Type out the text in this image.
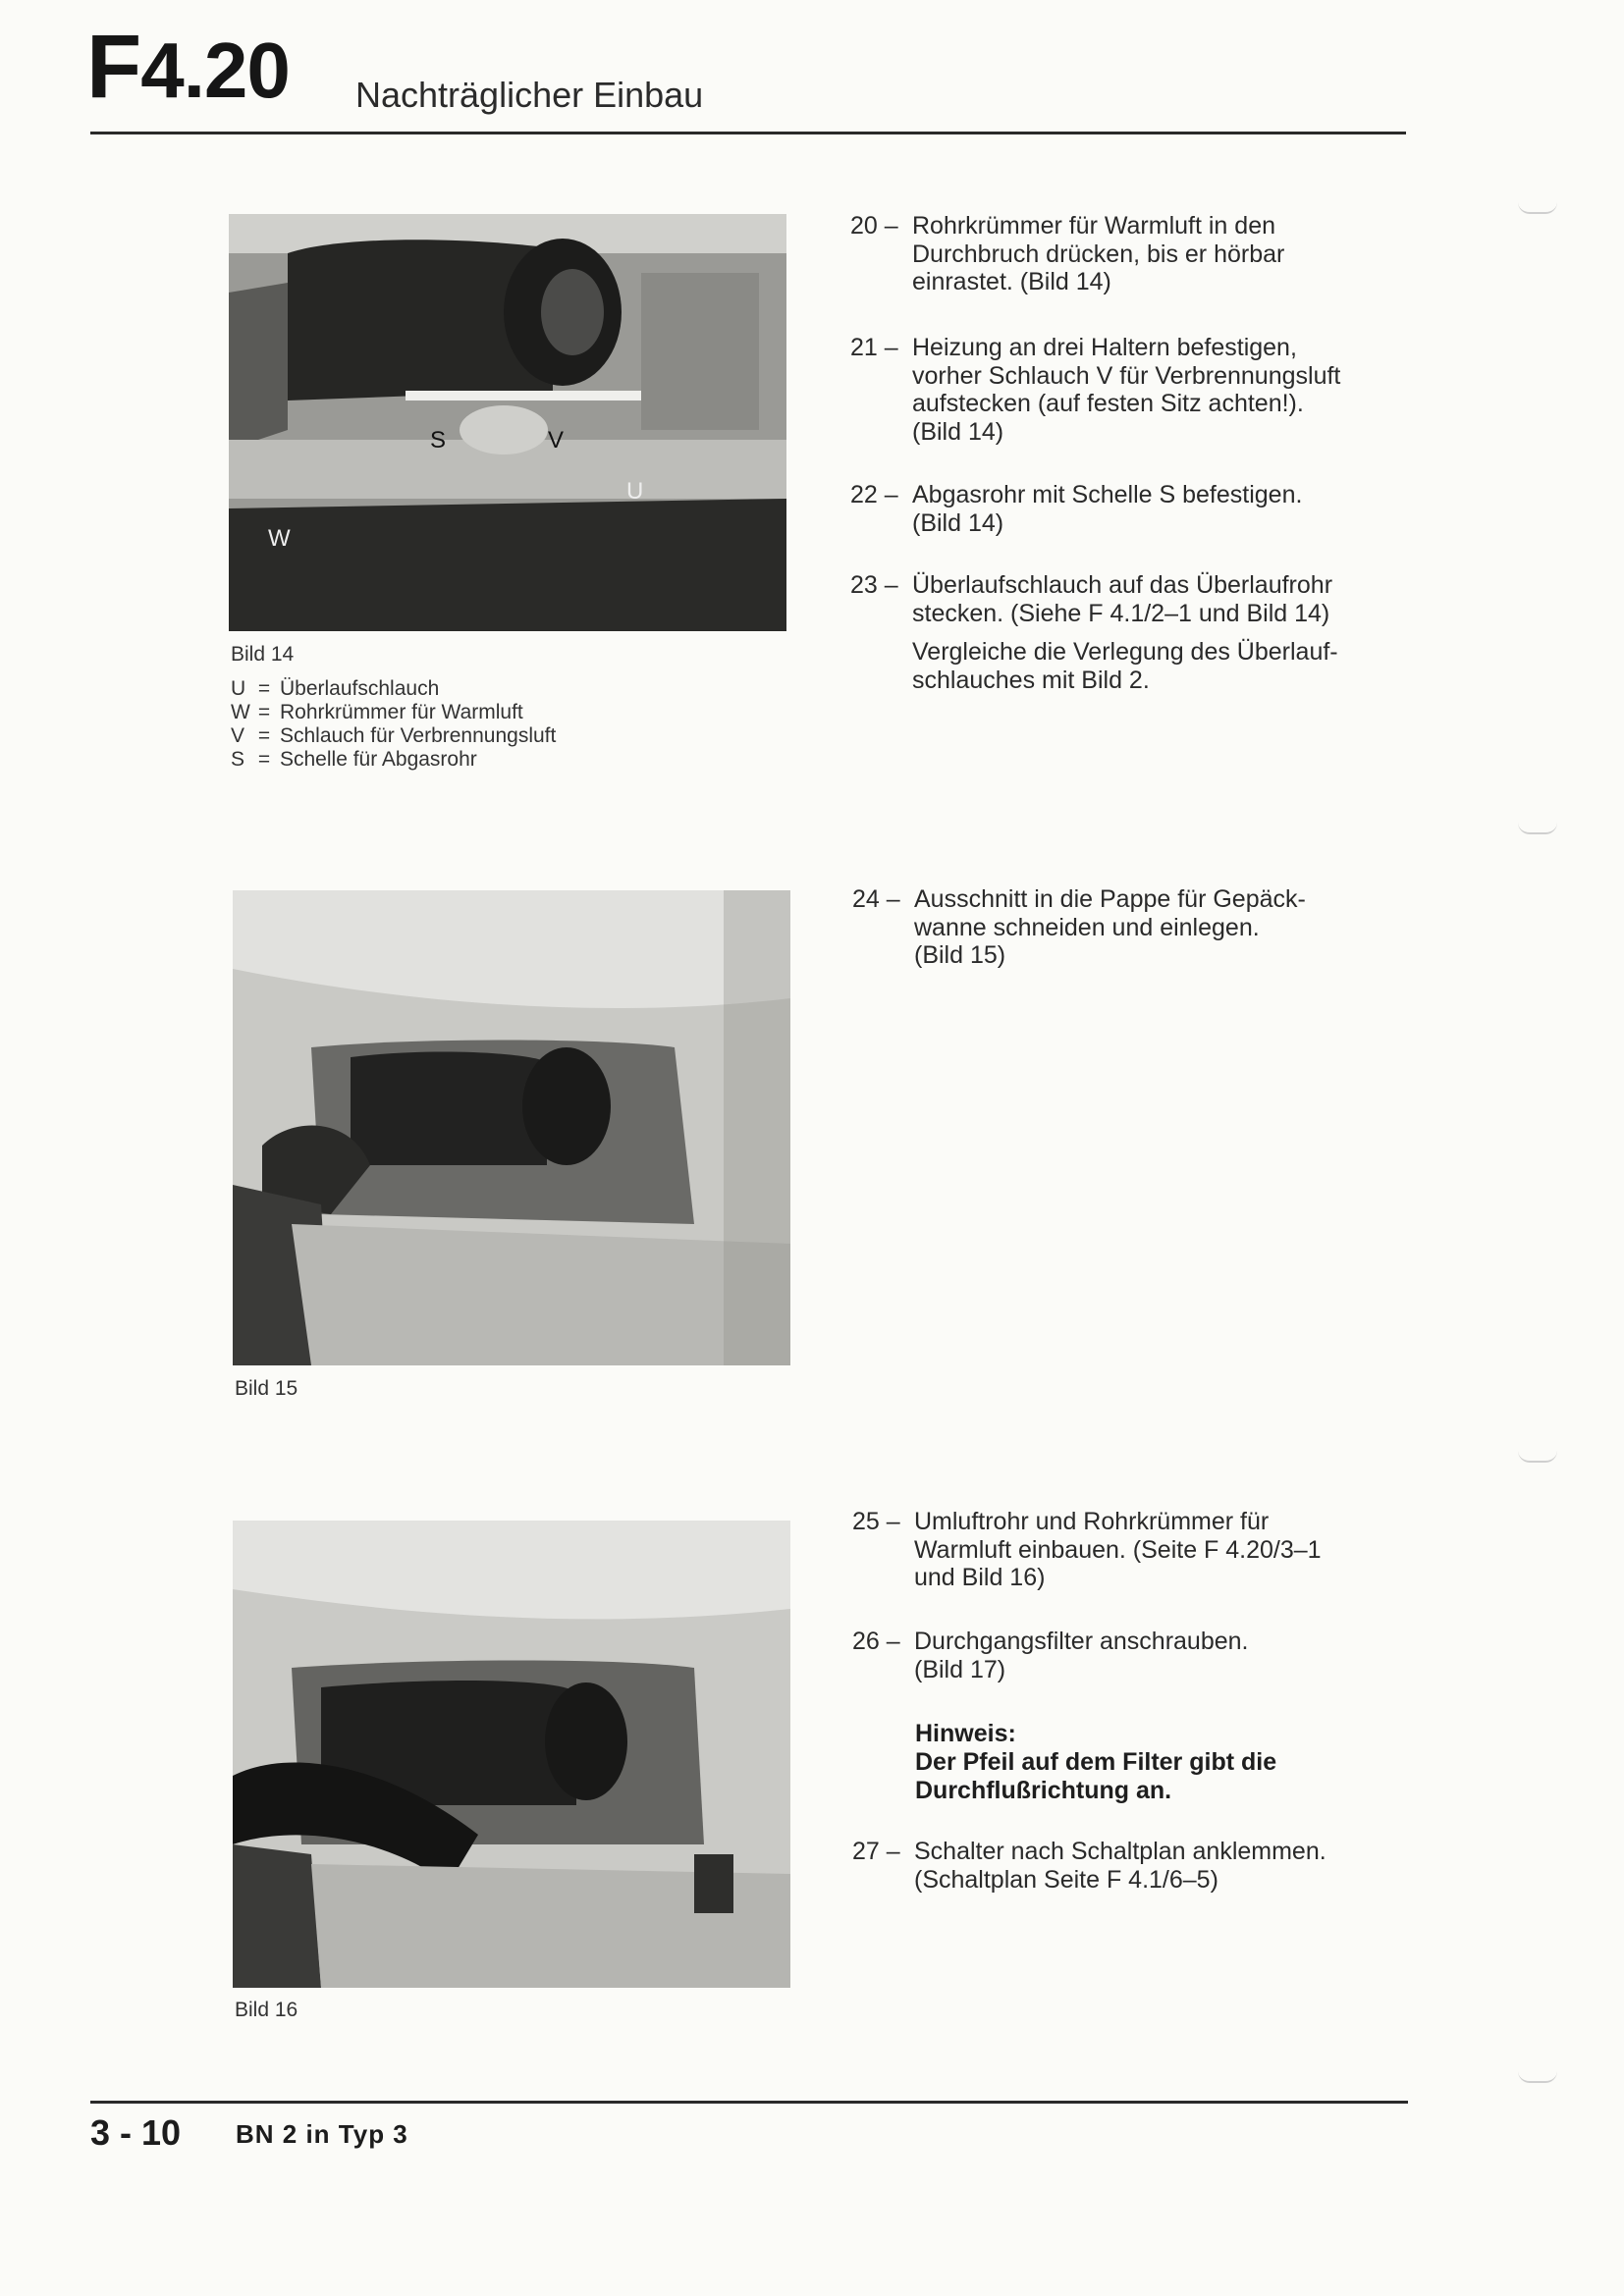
F4.20 Nachträglicher Einbau
S	V
U
W
Bild 14
U = Überlaufschlauch
W = Rohrkrümmer für Warmluft
V = Schlauch für Verbrennungsluft
S = Schelle für Abgasrohr
20 – Rohrkrümmer für Warmluft in den
Durchbruch drücken, bis er hörbar
einrastet. (Bild 14)
21 – Heizung an drei Haltern befestigen,
vorher Schlauch V für Verbrennungsluft
aufstecken (auf festen Sitz achten!).
(Bild 14)
22 – Abgasrohr mit Schelle S befestigen.
(Bild 14)
23 – Überlaufschlauch auf das Überlaufrohr
stecken. (Siehe F 4.1/2–1 und Bild 14)
Vergleiche die Verlegung des Überlauf-
schlauches mit Bild 2.
Bild 15
24 – Ausschnitt in die Pappe für Gepäck-
wanne schneiden und einlegen.
(Bild 15)
Bild 16
25 – Umluftrohr und Rohrkrümmer für
Warmluft einbauen. (Seite F 4.20/3–1
und Bild 16)
26 – Durchgangsfilter anschrauben.
(Bild 17)
Hinweis:
Der Pfeil auf dem Filter gibt die
Durchflußrichtung an.
27 – Schalter nach Schaltplan anklemmen.
(Schaltplan Seite F 4.1/6–5)
3 - 10 BN 2 in Typ 3
